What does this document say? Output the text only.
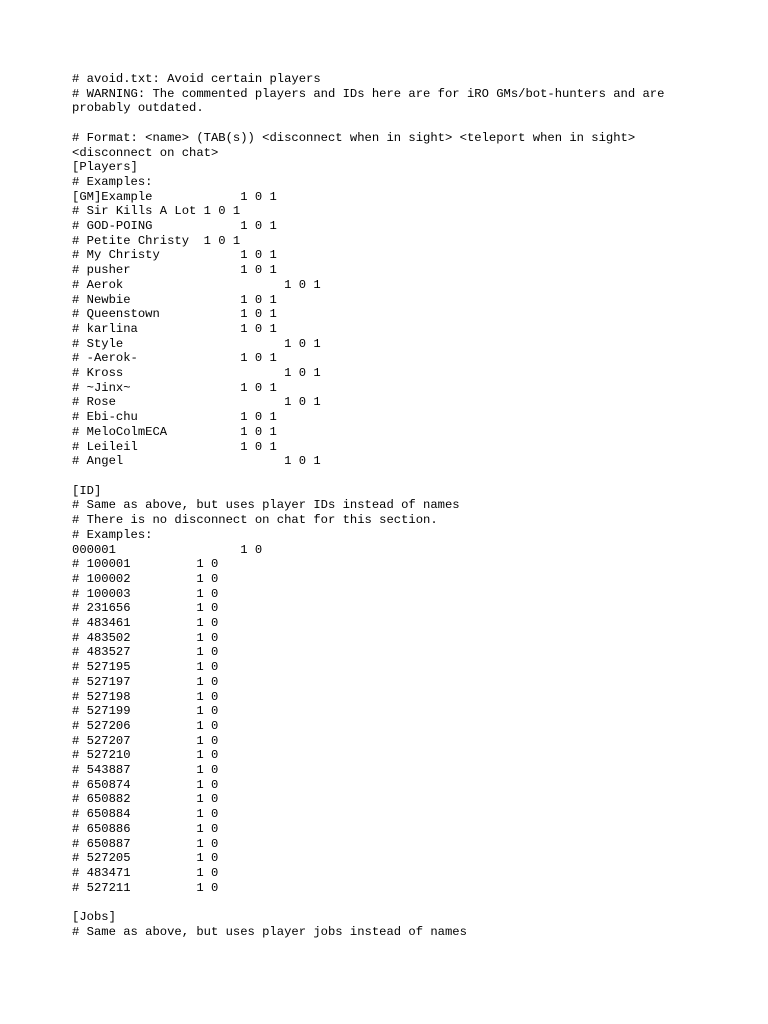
# avoid.txt: Avoid certain players
# WARNING: The commented players and IDs here are for iRO GMs/bot-hunters and are
probably outdated.

# Format: <name> (TAB(s)) <disconnect when in sight> <teleport when in sight>
<disconnect on chat>
[Players]
# Examples:
[GM]Example            1 0 1
# Sir Kills A Lot 1 0 1
# GOD-POING            1 0 1
# Petite Christy  1 0 1
# My Christy           1 0 1
# pusher               1 0 1
# Aerok                      1 0 1
# Newbie               1 0 1
# Queenstown           1 0 1
# karlina              1 0 1
# Style                      1 0 1
# -Aerok-              1 0 1
# Kross                      1 0 1
# ~Jinx~               1 0 1
# Rose                       1 0 1
# Ebi-chu              1 0 1
# MeloColmECA          1 0 1
# Leileil              1 0 1
# Angel                      1 0 1

[ID]
# Same as above, but uses player IDs instead of names
# There is no disconnect on chat for this section.
# Examples:
000001                 1 0
# 100001         1 0
# 100002         1 0
# 100003         1 0
# 231656         1 0
# 483461         1 0
# 483502         1 0
# 483527         1 0
# 527195         1 0
# 527197         1 0
# 527198         1 0
# 527199         1 0
# 527206         1 0
# 527207         1 0
# 527210         1 0
# 543887         1 0
# 650874         1 0
# 650882         1 0
# 650884         1 0
# 650886         1 0
# 650887         1 0
# 527205         1 0
# 483471         1 0
# 527211         1 0

[Jobs]
# Same as above, but uses player jobs instead of names
